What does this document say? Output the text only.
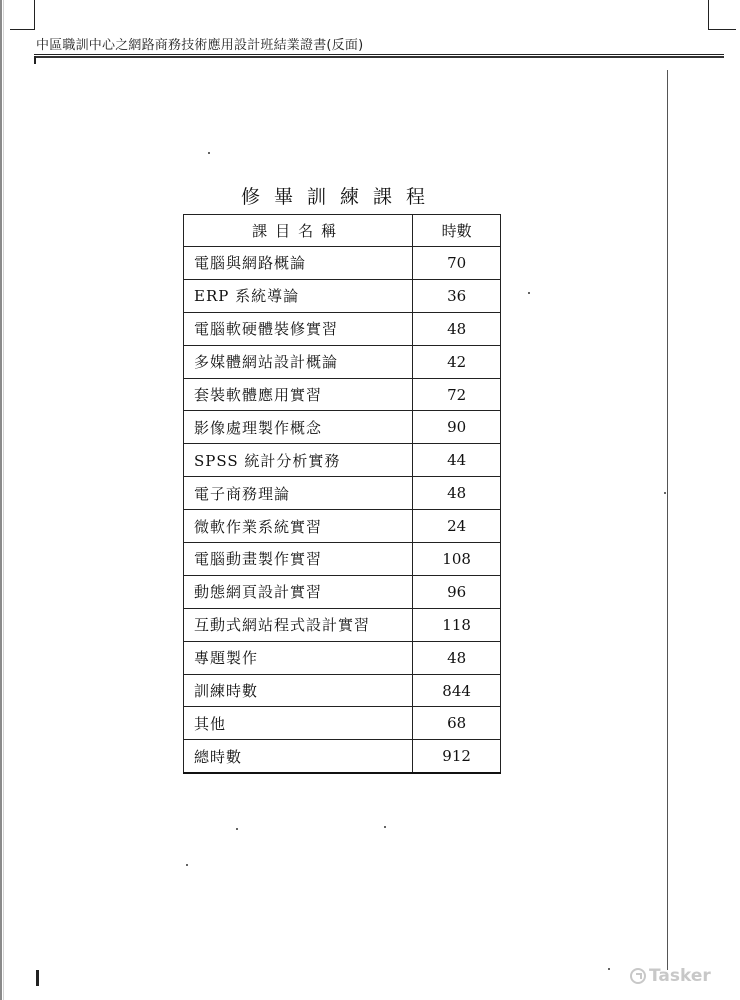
中區職訓中心之網路商務技術應用設計班結業證書(反面)
修畢訓練課程
課目名稱	時數
電腦與網路概論	70
ERP 系統導論	36
電腦軟硬體裝修實習	48
多媒體網站設計概論	42
套裝軟體應用實習	72
影像處理製作概念	90
SPSS 統計分析實務	44
電子商務理論	48
微軟作業系統實習	24
電腦動畫製作實習	108
動態網頁設計實習	96
互動式網站程式設計實習	118
專題製作	48
訓練時數	844
其他	68
總時數	912
Tasker
